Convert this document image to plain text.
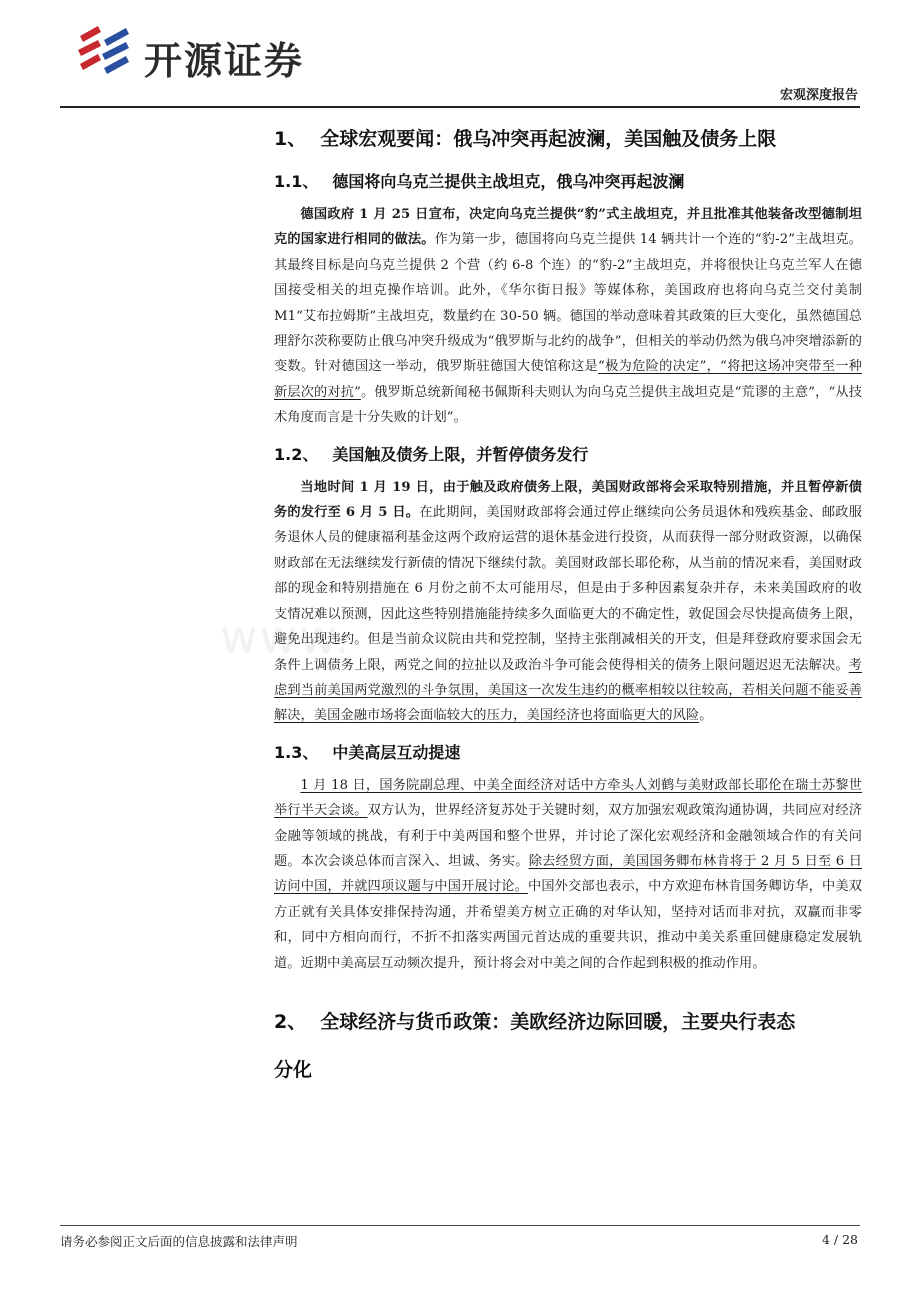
开源证券
宏观深度报告
www.
1、 全球宏观要闻：俄乌冲突再起波澜，美国触及债务上限
1.1、 德国将向乌克兰提供主战坦克，俄乌冲突再起波澜

德国政府 1 月 25 日宣布，决定向乌克兰提供“豹”式主战坦克，并且批准其他装备改型德制坦克的国家进行相同的做法。作为第一步，德国将向乌克兰提供 14 辆共计一个连的“豹-2”主战坦克。其最终目标是向乌克兰提供 2 个营（约 6-8 个连）的“豹-2”主战坦克，并将很快让乌克兰军人在德国接受相关的坦克操作培训。此外，《华尔街日报》等媒体称，美国政府也将向乌克兰交付美制 M1“艾布拉姆斯”主战坦克，数量约在 30-50 辆。德国的举动意味着其政策的巨大变化，虽然德国总理舒尔茨称要防止俄乌冲突升级成为“俄罗斯与北约的战争”，但相关的举动仍然为俄乌冲突增添新的变数。针对德国这一举动，俄罗斯驻德国大使馆称这是“极为危险的决定”，“将把这场冲突带至一种新层次的对抗”。俄罗斯总统新闻秘书佩斯科夫则认为向乌克兰提供主战坦克是“荒谬的主意”，“从技术角度而言是十分失败的计划”。

1.2、 美国触及债务上限，并暂停债务发行

当地时间 1 月 19 日，由于触及政府债务上限，美国财政部将会采取特别措施，并且暂停新债务的发行至 6 月 5 日。在此期间，美国财政部将会通过停止继续向公务员退休和残疾基金、邮政服务退休人员的健康福利基金这两个政府运营的退休基金进行投资，从而获得一部分财政资源，以确保财政部在无法继续发行新债的情况下继续付款。美国财政部长耶伦称，从当前的情况来看，美国财政部的现金和特别措施在 6 月份之前不太可能用尽，但是由于多种因素复杂并存，未来美国政府的收支情况难以预测，因此这些特别措施能持续多久面临更大的不确定性，敦促国会尽快提高债务上限，避免出现违约。但是当前众议院由共和党控制，坚持主张削减相关的开支，但是拜登政府要求国会无条件上调债务上限，两党之间的拉扯以及政治斗争可能会使得相关的债务上限问题迟迟无法解决。考虑到当前美国两党激烈的斗争氛围，美国这一次发生违约的概率相较以往较高，若相关问题不能妥善解决，美国金融市场将会面临较大的压力，美国经济也将面临更大的风险。

1.3、 中美高层互动提速

1 月 18 日，国务院副总理、中美全面经济对话中方牵头人刘鹤与美财政部长耶伦在瑞士苏黎世举行半天会谈。双方认为，世界经济复苏处于关键时刻，双方加强宏观政策沟通协调，共同应对经济金融等领域的挑战，有利于中美两国和整个世界，并讨论了深化宏观经济和金融领域合作的有关问题。本次会谈总体而言深入、坦诚、务实。除去经贸方面，美国国务卿布林肯将于 2 月 5 日至 6 日访问中国，并就四项议题与中国开展讨论。中国外交部也表示，中方欢迎布林肯国务卿访华，中美双方正就有关具体安排保持沟通，并希望美方树立正确的对华认知，坚持对话而非对抗，双赢而非零和，同中方相向而行，不折不扣落实两国元首达成的重要共识，推动中美关系重回健康稳定发展轨道。近期中美高层互动频次提升，预计将会对中美之间的合作起到积极的推动作用。

2、 全球经济与货币政策：美欧经济边际回暖，主要央行表态
分化
请务必参阅正文后面的信息披露和法律声明	4 / 28
